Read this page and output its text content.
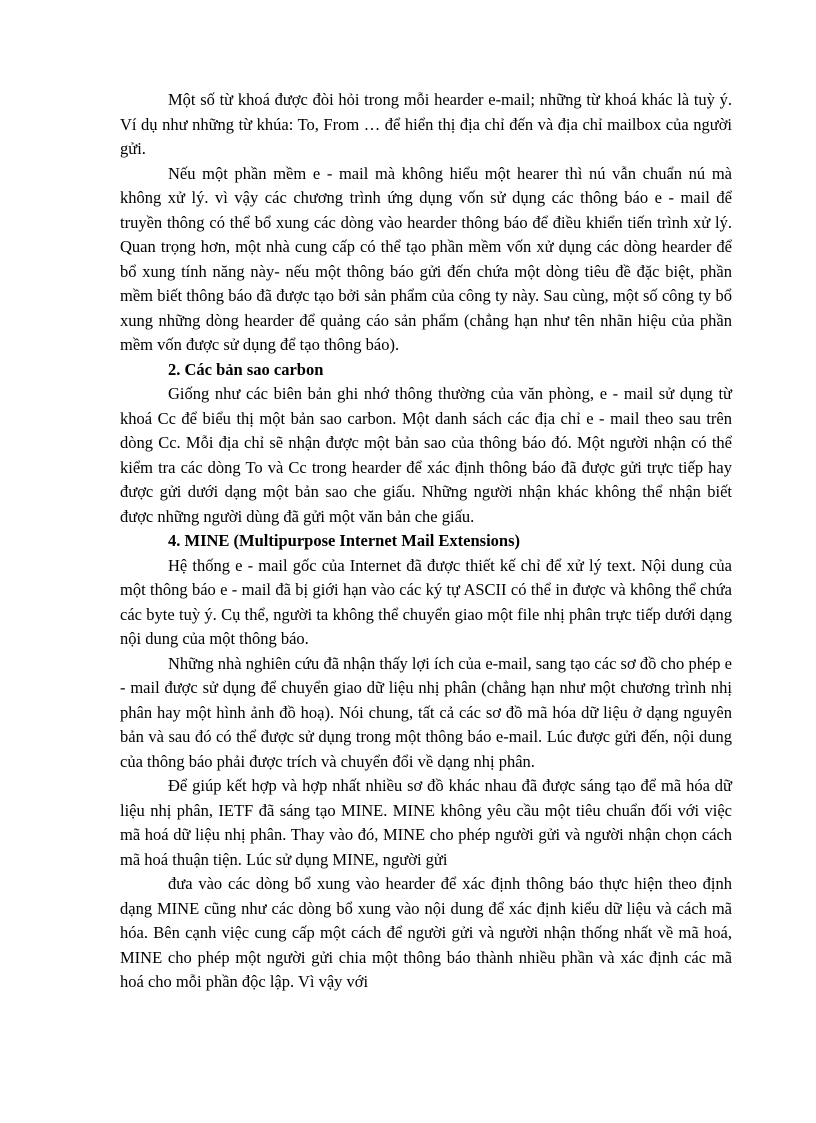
Một số từ khoá được đòi hỏi trong mỗi hearder e-mail; những từ khoá khác là tuỳ ý. Ví dụ như những từ khúa: To, From … để hiển thị địa chỉ đến và địa chỉ mailbox của người gửi.

Nếu một phần mềm e - mail mà không hiểu một hearer thì nú vẫn chuẩn nú mà không xử lý. vì vậy các chương trình ứng dụng vốn sử dụng các thông báo e - mail để truyền thông có thể bổ xung các dòng vào hearder thông báo để điều khiển tiến trình xử lý. Quan trọng hơn, một nhà cung cấp có thể tạo phần mềm vốn xử dụng các dòng hearder để bổ xung tính năng này- nếu một thông báo gửi đến chứa một dòng tiêu đề đặc biệt, phần mềm biết thông báo đã được tạo bởi sản phẩm của công ty này. Sau cùng, một số công ty bổ xung những dòng hearder để quảng cáo sản phẩm (chẳng hạn như tên nhãn hiệu của phần mềm vốn được sử dụng để tạo thông báo).

2. Các bản sao carbon

Giống như các biên bản ghi nhớ thông thường của văn phòng, e - mail sử dụng từ khoá Cc để biểu thị một bản sao carbon. Một danh sách các địa chỉ e - mail theo sau trên dòng Cc. Mỗi địa chỉ sẽ nhận được một bản sao của thông báo đó. Một người nhận có thể kiểm tra các dòng To và Cc trong hearder để xác định thông báo đã được gửi trực tiếp hay được gửi dưới dạng một bản sao che giấu. Những người nhận khác không thể nhận biết được những người dùng đã gửi một văn bản che giấu.

4. MINE (Multipurpose Internet Mail Extensions)

Hệ thống e - mail gốc của Internet đã được thiết kế chỉ để xử lý text. Nội dung của một thông báo e - mail đã bị giới hạn vào các ký tự ASCII có thể in được và không thể chứa các byte tuỳ ý. Cụ thể, người ta không thể chuyển giao một file nhị phân trực tiếp dưới dạng nội dung của một thông báo.

Những nhà nghiên cứu đã nhận thấy lợi ích của e-mail, sang tạo các sơ đồ cho phép e - mail được sử dụng để chuyển giao dữ liệu nhị phân (chẳng hạn như một chương trình nhị phân hay một hình ảnh đồ hoạ). Nói chung, tất cả các sơ đồ mã hóa dữ liệu ở dạng nguyên bản và sau đó có thể được sử dụng trong một thông báo e-mail. Lúc được gửi đến, nội dung của thông báo phải được trích và chuyển đổi về dạng nhị phân.

Để giúp kết hợp và hợp nhất nhiều sơ đồ khác nhau đã được sáng tạo để mã hóa dữ liệu nhị phân, IETF đã sáng tạo MINE. MINE không yêu cầu một tiêu chuẩn đối với việc mã hoá dữ liệu nhị phân. Thay vào đó, MINE cho phép người gửi và người nhận chọn cách mã hoá thuận tiện. Lúc sử dụng MINE, người gửi

đưa vào các dòng bổ xung vào hearder để xác định thông báo thực hiện theo định dạng MINE cũng như các dòng bổ xung vào nội dung để xác định kiểu dữ liệu và cách mã hóa. Bên cạnh việc cung cấp một cách để người gửi và người nhận thống nhất về mã hoá, MINE cho phép một người gửi chia một thông báo thành nhiều phần và xác định các mã hoá cho mỗi phần độc lập. Vì vậy với
